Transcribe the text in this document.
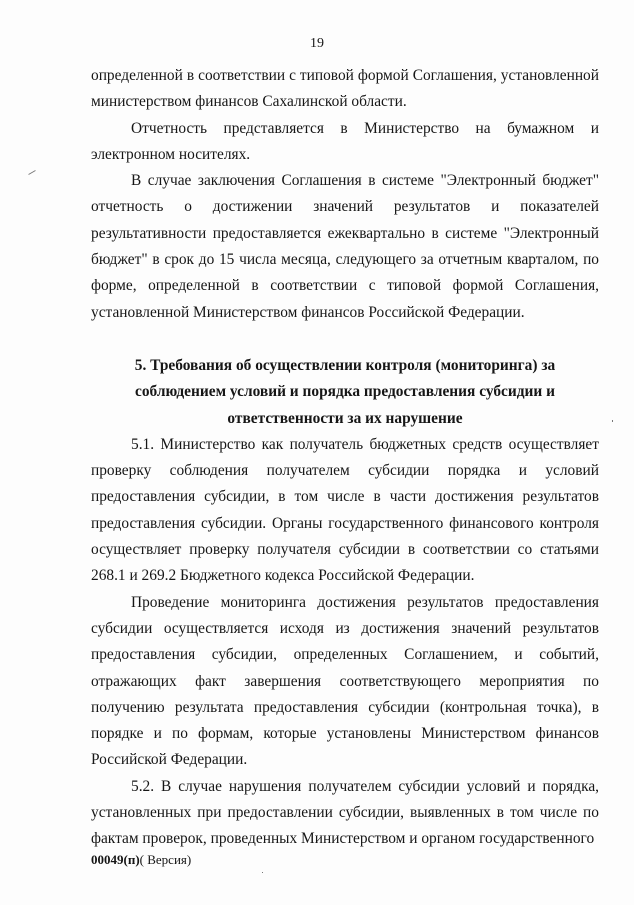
19

определенной в соответствии с типовой формой Соглашения, установленной министерством финансов Сахалинской области.

Отчетность представляется в Министерство на бумажном и электронном носителях.

В случае заключения Соглашения в системе "Электронный бюджет" отчетность о достижении значений результатов и показателей результативности предоставляется ежеквартально в системе "Электронный бюджет" в срок до 15 числа месяца, следующего за отчетным кварталом, по форме, определенной в соответствии с типовой формой Соглашения, установленной Министерством финансов Российской Федерации.

5. Требования об осуществлении контроля (мониторинга) за соблюдением условий и порядка предоставления субсидии и ответственности за их нарушение

5.1. Министерство как получатель бюджетных средств осуществляет проверку соблюдения получателем субсидии порядка и условий предоставления субсидии, в том числе в части достижения результатов предоставления субсидии. Органы государственного финансового контроля осуществляет проверку получателя субсидии в соответствии со статьями 268.1 и 269.2 Бюджетного кодекса Российской Федерации.

Проведение мониторинга достижения результатов предоставления субсидии осуществляется исходя из достижения значений результатов предоставления субсидии, определенных Соглашением, и событий, отражающих факт завершения соответствующего мероприятия по получению результата предоставления субсидии (контрольная точка), в порядке и по формам, которые установлены Министерством финансов Российской Федерации.

5.2. В случае нарушения получателем субсидии условий и порядка, установленных при предоставлении субсидии, выявленных в том числе по фактам проверок, проведенных Министерством и органом государственного

00049(п)( Версия)
